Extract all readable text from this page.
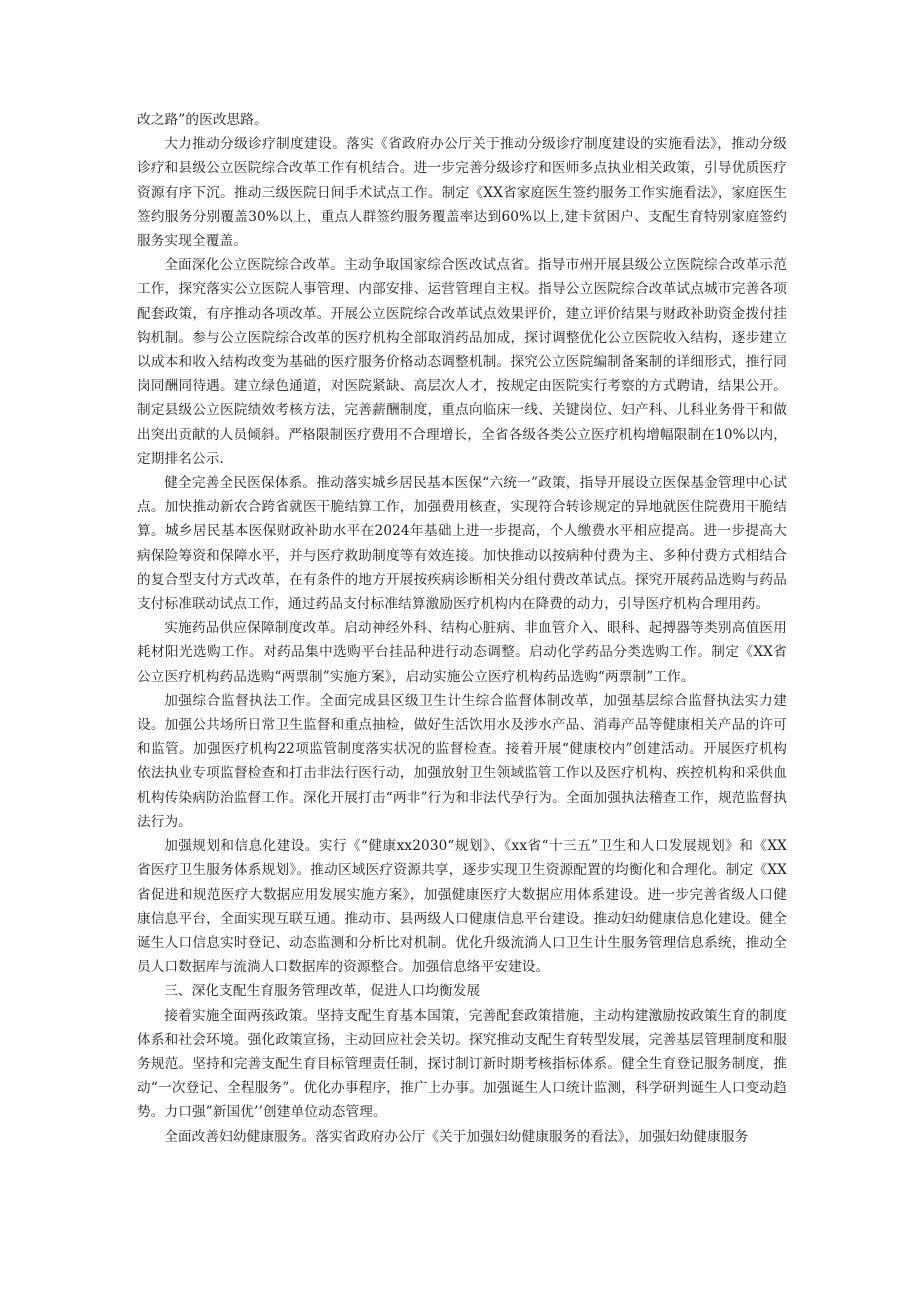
改之路”的医改思路。

大力推动分级诊疗制度建设。落实《省政府办公厅关于推动分级诊疗制度建设的实施看法》，推动分级诊疗和县级公立医院综合改革工作有机结合。进一步完善分级诊疗和医师多点执业相关政策，引导优质医疗资源有序下沉。推动三级医院日间手术试点工作。制定《XX省家庭医生签约服务工作实施看法》，家庭医生签约服务分别覆盖30%以上，重点人群签约服务覆盖率达到60%以上,建卡贫困户、支配生育特别家庭签约服务实现全覆盖。

全面深化公立医院综合改革。主动争取国家综合医改试点省。指导市州开展县级公立医院综合改革示范工作，探究落实公立医院人事管理、内部安排、运营管理自主权。指导公立医院综合改革试点城市完善各项配套政策，有序推动各项改革。开展公立医院综合改革试点效果评价，建立评价结果与财政补助资金拨付挂钩机制。参与公立医院综合改革的医疗机构全部取消药品加成，探讨调整优化公立医院收入结构，逐步建立以成本和收入结构改变为基础的医疗服务价格动态调整机制。探究公立医院编制备案制的详细形式，推行同岗同酬同待遇。建立绿色通道，对医院紧缺、高层次人才，按规定由医院实行考察的方式聘请，结果公开。制定县级公立医院绩效考核方法，完善薪酬制度，重点向临床一线、关键岗位、妇产科、儿科业务骨干和做出突出贡献的人员倾斜。严格限制医疗费用不合理增长，全省各级各类公立医疗机构增幅限制在10%以内，定期排名公示.

健全完善全民医保体系。推动落实城乡居民基本医保“六统一”政策，指导开展设立医保基金管理中心试点。加快推动新农合跨省就医干脆结算工作，加强费用核查，实现符合转诊规定的异地就医住院费用干脆结算。城乡居民基本医保财政补助水平在2024年基础上进一步提高，个人缴费水平相应提高。进一步提高大病保险筹资和保障水平，并与医疗救助制度等有效连接。加快推动以按病种付费为主、多种付费方式相结合的复合型支付方式改革，在有条件的地方开展按疾病诊断相关分组付费改革试点。探究开展药品选购与药品支付标准联动试点工作，通过药品支付标准结算激励医疗机构内在降费的动力，引导医疗机构合理用药。

实施药品供应保障制度改革。启动神经外科、结构心脏病、非血管介入、眼科、起搏器等类别高值医用耗材阳光选购工作。对药品集中选购平台挂品种进行动态调整。启动化学药品分类选购工作。制定《XX省公立医疗机构药品选购“两票制”实施方案》，启动实施公立医疗机构药品选购“两票制”工作。

加强综合监督执法工作。全面完成县区级卫生计生综合监督体制改革，加强基层综合监督执法实力建设。加强公共场所日常卫生监督和重点抽检，做好生活饮用水及涉水产品、消毒产品等健康相关产品的许可和监管。加强医疗机构22项监管制度落实状况的监督检查。接着开展“健康校内”创建活动。开展医疗机构依法执业专项监督检查和打击非法行医行动，加强放射卫生领域监管工作以及医疗机构、疾控机构和采供血机构传染病防治监督工作。深化开展打击“两非”行为和非法代孕行为。全面加强执法稽查工作，规范监督执法行为。

加强规划和信息化建设。实行《“健康xx2030“规划》、《xx省“十三五”卫生和人口发展规划》和《XX省医疗卫生服务体系规划》。推动区域医疗资源共享，逐步实现卫生资源配置的均衡化和合理化。制定《XX省促进和规范医疗大数据应用发展实施方案》，加强健康医疗大数据应用体系建设。进一步完善省级人口健康信息平台，全面实现互联互通。推动市、县两级人口健康信息平台建设。推动妇幼健康信息化建设。健全诞生人口信息实时登记、动态监测和分析比对机制。优化升级流淌人口卫生计生服务管理信息系统，推动全员人口数据库与流淌人口数据库的资源整合。加强信息络平安建设。

三、深化支配生育服务管理改革，促进人口均衡发展

接着实施全面两孩政策。坚持支配生育基本国策，完善配套政策措施，主动构建激励按政策生育的制度体系和社会环境。强化政策宣扬，主动回应社会关切。探究推动支配生育转型发展，完善基层管理制度和服务规范。坚持和完善支配生育目标管理责任制，探讨制订新时期考核指标体系。健全生育登记服务制度，推动“一次登记、全程服务”。优化办事程序，推广上办事。加强诞生人口统计监测，科学研判诞生人口变动趋势。力口强”新国优’’创建单位动态管理。

全面改善妇幼健康服务。落实省政府办公厅《关于加强妇幼健康服务的看法》，加强妇幼健康服务
